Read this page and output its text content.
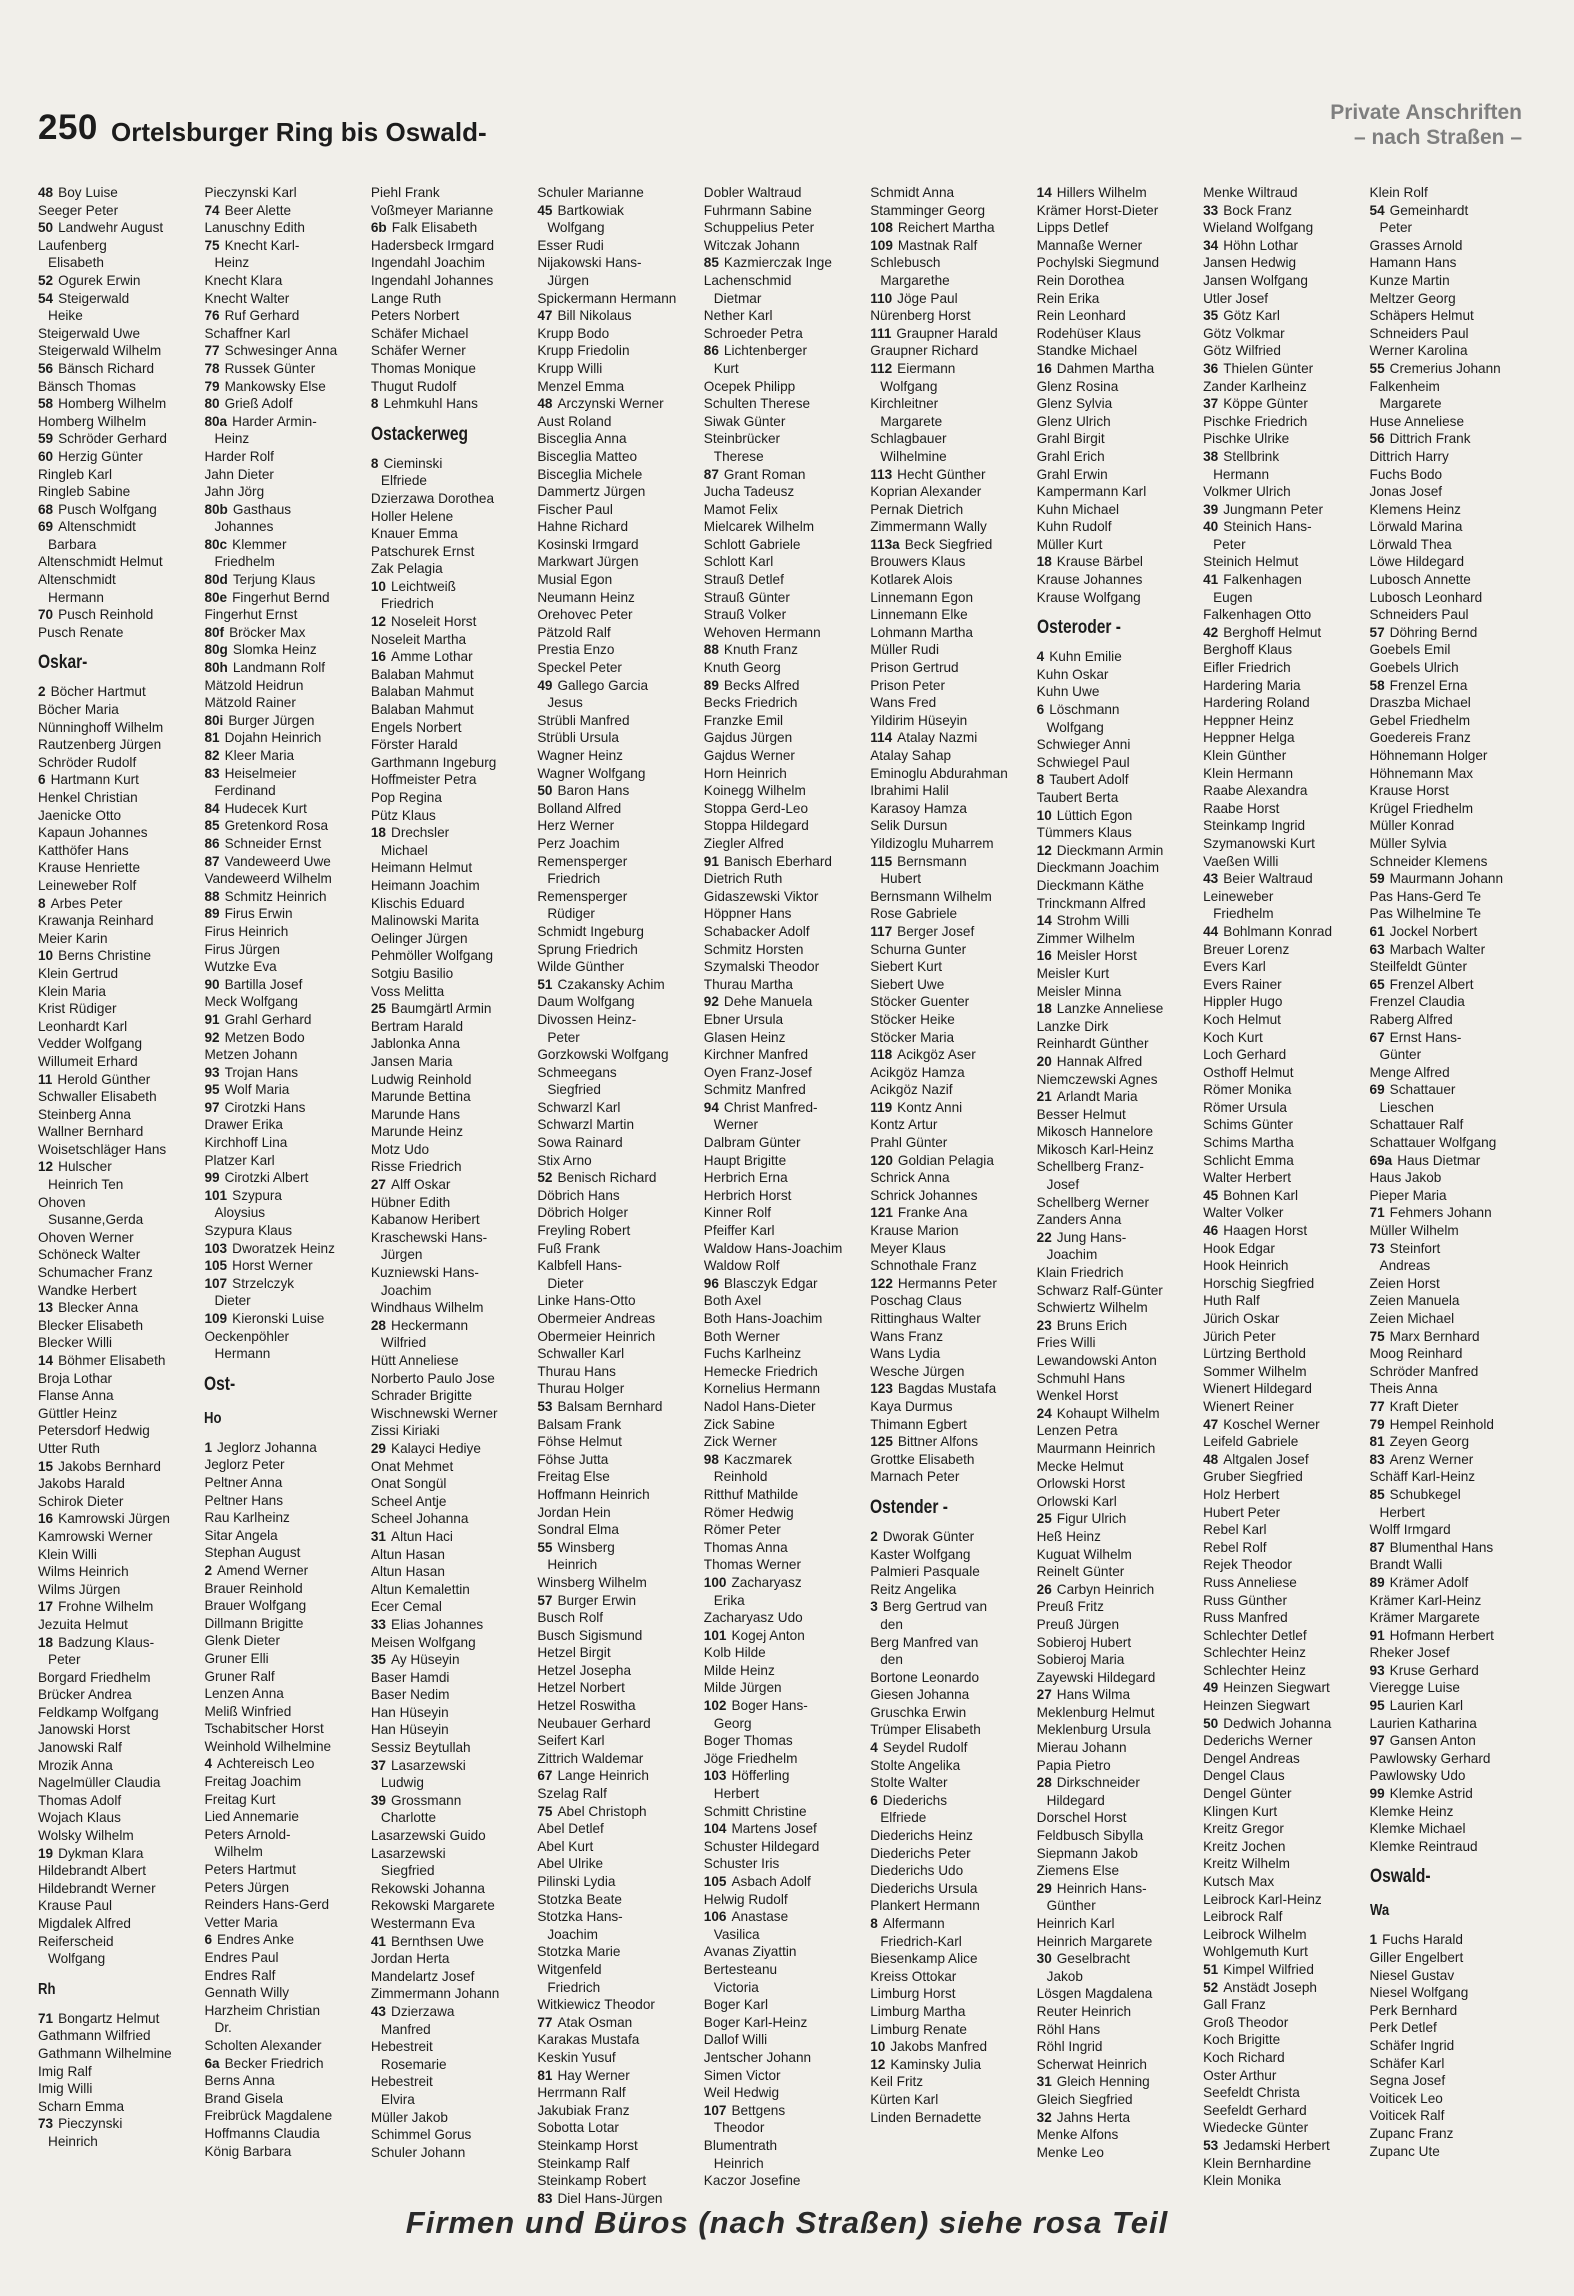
250 Ortelsburger Ring bis Oswald-
Private Anschriften
– nach Straßen –
48 Boy Luise
Seeger Peter
50 Landwehr August
Laufenberg
Elisabeth
52 Ogurek Erwin
54 Steigerwald
Heike
Steigerwald Uwe
Steigerwald Wilhelm
56 Bänsch Richard
Bänsch Thomas
58 Homberg Wilhelm
Homberg Wilhelm
59 Schröder Gerhard
60 Herzig Günter
Ringleb Karl
Ringleb Sabine
68 Pusch Wolfgang
69 Altenschmidt
Barbara
Altenschmidt Helmut
Altenschmidt
Hermann
70 Pusch Reinhold
Pusch Renate
Oskar-
2 Böcher Hartmut
Böcher Maria
Nünninghoff Wilhelm
Rautzenberg Jürgen
Schröder Rudolf
6 Hartmann Kurt
Henkel Christian
Jaenicke Otto
Kapaun Johannes
Katthöfer Hans
Krause Henriette
Leineweber Rolf
8 Arbes Peter
Krawanja Reinhard
Meier Karin
10 Berns Christine
Klein Gertrud
Klein Maria
Krist Rüdiger
Leonhardt Karl
Vedder Wolfgang
Willumeit Erhard
11 Herold Günther
Schwaller Elisabeth
Steinberg Anna
Wallner Bernhard
Woisetschläger Hans
12 Hulscher
Heinrich Ten
Ohoven
Susanne,Gerda
Ohoven Werner
Schöneck Walter
Schumacher Franz
Wandke Herbert
13 Blecker Anna
Blecker Elisabeth
Blecker Willi
14 Böhmer Elisabeth
Broja Lothar
Flanse Anna
Güttler Heinz
Petersdorf Hedwig
Utter Ruth
15 Jakobs Bernhard
Jakobs Harald
Schirok Dieter
16 Kamrowski Jürgen
Kamrowski Werner
Klein Willi
Wilms Heinrich
Wilms Jürgen
17 Frohne Wilhelm
Jezuita Helmut
18 Badzung Klaus-
Peter
Borgard Friedhelm
Brücker Andrea
Feldkamp Wolfgang
Janowski Horst
Janowski Ralf
Mrozik Anna
Nagelmüller Claudia
Thomas Adolf
Wojach Klaus
Wolsky Wilhelm
19 Dykman Klara
Hildebrandt Albert
Hildebrandt Werner
Krause Paul
Migdalek Alfred
Reiferscheid
Wolfgang
Rh
71 Bongartz Helmut
Gathmann Wilfried
Gathmann Wilhelmine
Imig Ralf
Imig Willi
Scharn Emma
73 Pieczynski
Heinrich
Pieczynski Karl
74 Beer Alette
Lanuschny Edith
75 Knecht Karl-
Heinz
Knecht Klara
Knecht Walter
76 Ruf Gerhard
Schaffner Karl
77 Schwesinger Anna
78 Russek Günter
79 Mankowsky Else
80 Grieß Adolf
80a Harder Armin-
Heinz
Harder Rolf
Jahn Dieter
Jahn Jörg
80b Gasthaus
Johannes
80c Klemmer
Friedhelm
80d Terjung Klaus
80e Fingerhut Bernd
Fingerhut Ernst
80f Bröcker Max
80g Slomka Heinz
80h Landmann Rolf
Mätzold Heidrun
Mätzold Rainer
80i Burger Jürgen
81 Dojahn Heinrich
82 Kleer Maria
83 Heiselmeier
Ferdinand
84 Hudecek Kurt
85 Gretenkord Rosa
86 Schneider Ernst
87 Vandeweerd Uwe
Vandeweerd Wilhelm
88 Schmitz Heinrich
89 Firus Erwin
Firus Heinrich
Firus Jürgen
Wutzke Eva
90 Bartilla Josef
Meck Wolfgang
91 Grahl Gerhard
92 Metzen Bodo
Metzen Johann
93 Trojan Hans
95 Wolf Maria
97 Cirotzki Hans
Drawer Erika
Kirchhoff Lina
Platzer Karl
99 Cirotzki Albert
101 Szypura
Aloysius
Szypura Klaus
103 Dworatzek Heinz
105 Horst Werner
107 Strzelczyk
Dieter
109 Kieronski Luise
Oeckenpöhler
Hermann
Ost-
Ho
1 Jeglorz Johanna
Jeglorz Peter
Peltner Anna
Peltner Hans
Rau Karlheinz
Sitar Angela
Stephan August
2 Amend Werner
Brauer Reinhold
Brauer Wolfgang
Dillmann Brigitte
Glenk Dieter
Gruner Elli
Gruner Ralf
Lenzen Anna
Meliß Winfried
Tschabitscher Horst
Weinhold Wilhelmine
4 Achtereisch Leo
Freitag Joachim
Freitag Kurt
Lied Annemarie
Peters Arnold-
Wilhelm
Peters Hartmut
Peters Jürgen
Reinders Hans-Gerd
Vetter Maria
6 Endres Anke
Endres Paul
Endres Ralf
Gennath Willy
Harzheim Christian
Dr.
Scholten Alexander
6a Becker Friedrich
Berns Anna
Brand Gisela
Freibrück Magdalene
Hoffmanns Claudia
König Barbara
Piehl Frank
Voßmeyer Marianne
6b Falk Elisabeth
Hadersbeck Irmgard
Ingendahl Joachim
Ingendahl Johannes
Lange Ruth
Peters Norbert
Schäfer Michael
Schäfer Werner
Thomas Monique
Thugut Rudolf
8 Lehmkuhl Hans
Ostackerweg
8 Cieminski
Elfriede
Dzierzawa Dorothea
Holler Helene
Knauer Emma
Patschurek Ernst
Zak Pelagia
10 Leichtweiß
Friedrich
12 Noseleit Horst
Noseleit Martha
16 Amme Lothar
Balaban Mahmut
Balaban Mahmut
Balaban Mahmut
Engels Norbert
Förster Harald
Garthmann Ingeburg
Hoffmeister Petra
Pop Regina
Pütz Klaus
18 Drechsler
Michael
Heimann Helmut
Heimann Joachim
Klischis Eduard
Malinowski Marita
Oelinger Jürgen
Pehmöller Wolfgang
Sotgiu Basilio
Voss Melitta
25 Baumgärtl Armin
Bertram Harald
Jablonka Anna
Jansen Maria
Ludwig Reinhold
Marunde Bettina
Marunde Hans
Marunde Heinz
Motz Udo
Risse Friedrich
27 Alff Oskar
Hübner Edith
Kabanow Heribert
Kraschewski Hans-
Jürgen
Kuzniewski Hans-
Joachim
Windhaus Wilhelm
28 Heckermann
Wilfried
Hütt Anneliese
Norberto Paulo Jose
Schrader Brigitte
Wischnewski Werner
Zissi Kiriaki
29 Kalayci Hediye
Onat Mehmet
Onat Songül
Scheel Antje
Scheel Johanna
31 Altun Haci
Altun Hasan
Altun Hasan
Altun Kemalettin
Ecer Cemal
33 Elias Johannes
Meisen Wolfgang
35 Ay Hüseyin
Baser Hamdi
Baser Nedim
Han Hüseyin
Han Hüseyin
Sessiz Beytullah
37 Lasarzewski
Ludwig
39 Grossmann
Charlotte
Lasarzewski Guido
Lasarzewski
Siegfried
Rekowski Johanna
Rekowski Margarete
Westermann Eva
41 Bernthsen Uwe
Jordan Herta
Mandelartz Josef
Zimmermann Johann
43 Dzierzawa
Manfred
Hebestreit
Rosemarie
Hebestreit
Elvira
Müller Jakob
Schimmel Gorus
Schuler Johann
Schuler Marianne
45 Bartkowiak
Wolfgang
Esser Rudi
Nijakowski Hans-
Jürgen
Spickermann Hermann
47 Bill Nikolaus
Krupp Bodo
Krupp Friedolin
Krupp Willi
Menzel Emma
48 Arczynski Werner
Aust Roland
Bisceglia Anna
Bisceglia Matteo
Bisceglia Michele
Dammertz Jürgen
Fischer Paul
Hahne Richard
Kosinski Irmgard
Markwart Jürgen
Musial Egon
Neumann Heinz
Orehovec Peter
Pätzold Ralf
Prestia Enzo
Speckel Peter
49 Gallego Garcia
Jesus
Strübli Manfred
Strübli Ursula
Wagner Heinz
Wagner Wolfgang
50 Baron Hans
Bolland Alfred
Herz Werner
Perz Joachim
Remensperger
Friedrich
Remensperger
Rüdiger
Schmidt Ingeburg
Sprung Friedrich
Wilde Günther
51 Czakansky Achim
Daum Wolfgang
Divossen Heinz-
Peter
Gorzkowski Wolfgang
Schmeegans
Siegfried
Schwarzl Karl
Schwarzl Martin
Sowa Rainard
Stix Arno
52 Benisch Richard
Döbrich Hans
Döbrich Holger
Freyling Robert
Fuß Frank
Kalbfell Hans-
Dieter
Linke Hans-Otto
Obermeier Andreas
Obermeier Heinrich
Schwaller Karl
Thurau Hans
Thurau Holger
53 Balsam Bernhard
Balsam Frank
Föhse Helmut
Föhse Jutta
Freitag Else
Hoffmann Heinrich
Jordan Hein
Sondral Elma
55 Winsberg
Heinrich
Winsberg Wilhelm
57 Burger Erwin
Busch Rolf
Busch Sigismund
Hetzel Birgit
Hetzel Josepha
Hetzel Norbert
Hetzel Roswitha
Neubauer Gerhard
Seifert Karl
Zittrich Waldemar
67 Lange Heinrich
Szelag Ralf
75 Abel Christoph
Abel Detlef
Abel Kurt
Abel Ulrike
Pilinski Lydia
Stotzka Beate
Stotzka Hans-
Joachim
Stotzka Marie
Witgenfeld
Friedrich
Witkiewicz Theodor
77 Atak Osman
Karakas Mustafa
Keskin Yusuf
81 Hay Werner
Herrmann Ralf
Jakubiak Franz
Sobotta Lotar
Steinkamp Horst
Steinkamp Ralf
Steinkamp Robert
83 Diel Hans-Jürgen
Dobler Waltraud
Fuhrmann Sabine
Schuppelius Peter
Witczak Johann
85 Kazmierczak Inge
Lachenschmid
Dietmar
Nether Karl
Schroeder Petra
86 Lichtenberger
Kurt
Ocepek Philipp
Schulten Therese
Siwak Günter
Steinbrücker
Therese
87 Grant Roman
Jucha Tadeusz
Mamot Felix
Mielcarek Wilhelm
Schlott Gabriele
Schlott Karl
Strauß Detlef
Strauß Günter
Strauß Volker
Wehoven Hermann
88 Knuth Franz
Knuth Georg
89 Becks Alfred
Becks Friedrich
Franzke Emil
Gajdus Jürgen
Gajdus Werner
Horn Heinrich
Koinegg Wilhelm
Stoppa Gerd-Leo
Stoppa Hildegard
Ziegler Alfred
91 Banisch Eberhard
Dietrich Ruth
Gidaszewski Viktor
Höppner Hans
Schabacker Adolf
Schmitz Horsten
Szymalski Theodor
Thurau Martha
92 Dehe Manuela
Ebner Ursula
Glasen Heinz
Kirchner Manfred
Oyen Franz-Josef
Schmitz Manfred
94 Christ Manfred-
Werner
Dalbram Günter
Haupt Brigitte
Herbrich Erna
Herbrich Horst
Kinner Rolf
Pfeiffer Karl
Waldow Hans-Joachim
Waldow Rolf
96 Blasczyk Edgar
Both Axel
Both Hans-Joachim
Both Werner
Fuchs Karlheinz
Hemecke Friedrich
Kornelius Hermann
Nadol Hans-Dieter
Zick Sabine
Zick Werner
98 Kaczmarek
Reinhold
Ritthuf Mathilde
Römer Hedwig
Römer Peter
Thomas Anna
Thomas Werner
100 Zacharyasz
Erika
Zacharyasz Udo
101 Kogej Anton
Kolb Hilde
Milde Heinz
Milde Jürgen
102 Boger Hans-
Georg
Boger Thomas
Jöge Friedhelm
103 Höfferling
Herbert
Schmitt Christine
104 Martens Josef
Schuster Hildegard
Schuster Iris
105 Asbach Adolf
Helwig Rudolf
106 Anastase
Vasilica
Avanas Ziyattin
Bertesteanu
Victoria
Boger Karl
Boger Karl-Heinz
Dallof Willi
Jentscher Johann
Simen Victor
Weil Hedwig
107 Bettgens
Theodor
Blumentrath
Heinrich
Kaczor Josefine
Schmidt Anna
Stamminger Georg
108 Reichert Martha
109 Mastnak Ralf
Schlebusch
Margarethe
110 Jöge Paul
Nürenberg Horst
111 Graupner Harald
Graupner Richard
112 Eiermann
Wolfgang
Kirchleitner
Margarete
Schlagbauer
Wilhelmine
113 Hecht Günther
Koprian Alexander
Pernak Dietrich
Zimmermann Wally
113a Beck Siegfried
Brouwers Klaus
Kotlarek Alois
Linnemann Egon
Linnemann Elke
Lohmann Martha
Müller Rudi
Prison Gertrud
Prison Peter
Wans Fred
Yildirim Hüseyin
114 Atalay Nazmi
Atalay Sahap
Eminoglu Abdurahman
Ibrahimi Halil
Karasoy Hamza
Selik Dursun
Yildizoglu Muharrem
115 Bernsmann
Hubert
Bernsmann Wilhelm
Rose Gabriele
117 Berger Josef
Schurna Gunter
Siebert Kurt
Siebert Uwe
Stöcker Guenter
Stöcker Heike
Stöcker Maria
118 Acikgöz Aser
Acikgöz Hamza
Acikgöz Nazif
119 Kontz Anni
Kontz Artur
Prahl Günter
120 Goldian Pelagia
Schrick Anna
Schrick Johannes
121 Franke Ana
Krause Marion
Meyer Klaus
Schnothale Franz
122 Hermanns Peter
Poschag Claus
Rittinghaus Walter
Wans Franz
Wans Lydia
Wesche Jürgen
123 Bagdas Mustafa
Kaya Durmus
Thimann Egbert
125 Bittner Alfons
Grottke Elisabeth
Marnach Peter
Ostender -
2 Dworak Günter
Kaster Wolfgang
Palmieri Pasquale
Reitz Angelika
3 Berg Gertrud van
den
Berg Manfred van
den
Bortone Leonardo
Giesen Johanna
Gruschka Erwin
Trümper Elisabeth
4 Seydel Rudolf
Stolte Angelika
Stolte Walter
6 Diederichs
Elfriede
Diederichs Heinz
Diederichs Peter
Diederichs Udo
Diederichs Ursula
Plankert Hermann
8 Alfermann
Friedrich-Karl
Biesenkamp Alice
Kreiss Ottokar
Limburg Horst
Limburg Martha
Limburg Renate
10 Jakobs Manfred
12 Kaminsky Julia
Keil Fritz
Kürten Karl
Linden Bernadette
14 Hillers Wilhelm
Krämer Horst-Dieter
Lipps Detlef
Mannaße Werner
Pochylski Siegmund
Rein Dorothea
Rein Erika
Rein Leonhard
Rodehüser Klaus
Standke Michael
16 Dahmen Martha
Glenz Rosina
Glenz Sylvia
Glenz Ulrich
Grahl Birgit
Grahl Erich
Grahl Erwin
Kampermann Karl
Kuhn Michael
Kuhn Rudolf
Müller Kurt
18 Krause Bärbel
Krause Johannes
Krause Wolfgang
Osteroder -
4 Kuhn Emilie
Kuhn Oskar
Kuhn Uwe
6 Löschmann
Wolfgang
Schwieger Anni
Schwiegel Paul
8 Taubert Adolf
Taubert Berta
10 Lüttich Egon
Tümmers Klaus
12 Dieckmann Armin
Dieckmann Joachim
Dieckmann Käthe
Trinckmann Alfred
14 Strohm Willi
Zimmer Wilhelm
16 Meisler Horst
Meisler Kurt
Meisler Minna
18 Lanzke Anneliese
Lanzke Dirk
Reinhardt Günther
20 Hannak Alfred
Niemczewski Agnes
21 Arlandt Maria
Besser Helmut
Mikosch Hannelore
Mikosch Karl-Heinz
Schellberg Franz-
Josef
Schellberg Werner
Zanders Anna
22 Jung Hans-
Joachim
Klain Friedrich
Schwarz Ralf-Günter
Schwiertz Wilhelm
23 Bruns Erich
Fries Willi
Lewandowski Anton
Schmuhl Hans
Wenkel Horst
24 Kohaupt Wilhelm
Lenzen Petra
Maurmann Heinrich
Mecke Helmut
Orlowski Horst
Orlowski Karl
25 Figur Ulrich
Heß Heinz
Kuguat Wilhelm
Reinelt Günter
26 Carbyn Heinrich
Preuß Fritz
Preuß Jürgen
Sobieroj Hubert
Sobieroj Maria
Zayewski Hildegard
27 Hans Wilma
Meklenburg Helmut
Meklenburg Ursula
Mierau Johann
Papia Pietro
28 Dirkschneider
Hildegard
Dorschel Horst
Feldbusch Sibylla
Siepmann Jakob
Ziemens Else
29 Heinrich Hans-
Günther
Heinrich Karl
Heinrich Margarete
30 Geselbracht
Jakob
Lösgen Magdalena
Reuter Heinrich
Röhl Hans
Röhl Ingrid
Scherwat Heinrich
31 Gleich Henning
Gleich Siegfried
32 Jahns Herta
Menke Alfons
Menke Leo
Menke Wiltraud
33 Bock Franz
Wieland Wolfgang
34 Höhn Lothar
Jansen Hedwig
Jansen Wolfgang
Utler Josef
35 Götz Karl
Götz Volkmar
Götz Wilfried
36 Thielen Günter
Zander Karlheinz
37 Köppe Günter
Pischke Friedrich
Pischke Ulrike
38 Stellbrink
Hermann
Volkmer Ulrich
39 Jungmann Peter
40 Steinich Hans-
Peter
Steinich Helmut
41 Falkenhagen
Eugen
Falkenhagen Otto
42 Berghoff Helmut
Berghoff Klaus
Eifler Friedrich
Hardering Maria
Hardering Roland
Heppner Heinz
Heppner Helga
Klein Günther
Klein Hermann
Raabe Alexandra
Raabe Horst
Steinkamp Ingrid
Szymanowski Kurt
Vaeßen Willi
43 Beier Waltraud
Leineweber
Friedhelm
44 Bohlmann Konrad
Breuer Lorenz
Evers Karl
Evers Rainer
Hippler Hugo
Koch Helmut
Koch Kurt
Loch Gerhard
Osthoff Helmut
Römer Monika
Römer Ursula
Schims Günter
Schims Martha
Schlicht Emma
Walter Herbert
45 Bohnen Karl
Walter Volker
46 Haagen Horst
Hook Edgar
Hook Heinrich
Horschig Siegfried
Huth Ralf
Jürich Oskar
Jürich Peter
Lürtzing Berthold
Sommer Wilhelm
Wienert Hildegard
Wienert Reiner
47 Koschel Werner
Leifeld Gabriele
48 Altgalen Josef
Gruber Siegfried
Holz Herbert
Hubert Peter
Rebel Karl
Rebel Rolf
Rejek Theodor
Russ Anneliese
Russ Günther
Russ Manfred
Schlechter Detlef
Schlechter Heinz
Schlechter Heinz
49 Heinzen Siegwart
Heinzen Siegwart
50 Dedwich Johanna
Dederichs Werner
Dengel Andreas
Dengel Claus
Dengel Günter
Klingen Kurt
Kreitz Gregor
Kreitz Jochen
Kreitz Wilhelm
Kutsch Max
Leibrock Karl-Heinz
Leibrock Ralf
Leibrock Wilhelm
Wohlgemuth Kurt
51 Kimpel Wilfried
52 Anstädt Joseph
Gall Franz
Groß Theodor
Koch Brigitte
Koch Richard
Oster Arthur
Seefeldt Christa
Seefeldt Gerhard
Wiedecke Günter
53 Jedamski Herbert
Klein Bernhardine
Klein Monika
Klein Rolf
54 Gemeinhardt
Peter
Grasses Arnold
Hamann Hans
Kunze Martin
Meltzer Georg
Schäpers Helmut
Schneiders Paul
Werner Karolina
55 Cremerius Johann
Falkenheim
Margarete
Huse Anneliese
56 Dittrich Frank
Dittrich Harry
Fuchs Bodo
Jonas Josef
Klemens Heinz
Lörwald Marina
Lörwald Thea
Löwe Hildegard
Lubosch Annette
Lubosch Leonhard
Schneiders Paul
57 Döhring Bernd
Goebels Emil
Goebels Ulrich
58 Frenzel Erna
Draszba Michael
Gebel Friedhelm
Goedereis Franz
Höhnemann Holger
Höhnemann Max
Krause Horst
Krügel Friedhelm
Müller Konrad
Müller Sylvia
Schneider Klemens
59 Maurmann Johann
Pas Hans-Gerd Te
Pas Wilhelmine Te
61 Jockel Norbert
63 Marbach Walter
Steilfeldt Günter
65 Frenzel Albert
Frenzel Claudia
Raberg Alfred
67 Ernst Hans-
Günter
Menge Alfred
69 Schattauer
Lieschen
Schattauer Ralf
Schattauer Wolfgang
69a Haus Dietmar
Haus Jakob
Pieper Maria
71 Fehmers Johann
Müller Wilhelm
73 Steinfort
Andreas
Zeien Horst
Zeien Manuela
Zeien Michael
75 Marx Bernhard
Moog Reinhard
Schröder Manfred
Theis Anna
77 Kraft Dieter
79 Hempel Reinhold
81 Zeyen Georg
83 Arenz Werner
Schäff Karl-Heinz
85 Schubkegel
Herbert
Wolff Irmgard
87 Blumenthal Hans
Brandt Walli
89 Krämer Adolf
Krämer Karl-Heinz
Krämer Margarete
91 Hofmann Herbert
Rheker Josef
93 Kruse Gerhard
Vieregge Luise
95 Laurien Karl
Laurien Katharina
97 Gansen Anton
Pawlowsky Gerhard
Pawlowsky Udo
99 Klemke Astrid
Klemke Heinz
Klemke Michael
Klemke Reintraud
Oswald-
Wa
1 Fuchs Harald
Giller Engelbert
Niesel Gustav
Niesel Wolfgang
Perk Bernhard
Perk Detlef
Schäfer Ingrid
Schäfer Karl
Segna Josef
Voiticek Leo
Voiticek Ralf
Zupanc Franz
Zupanc Ute
Firmen und Büros (nach Straßen) siehe rosa Teil
